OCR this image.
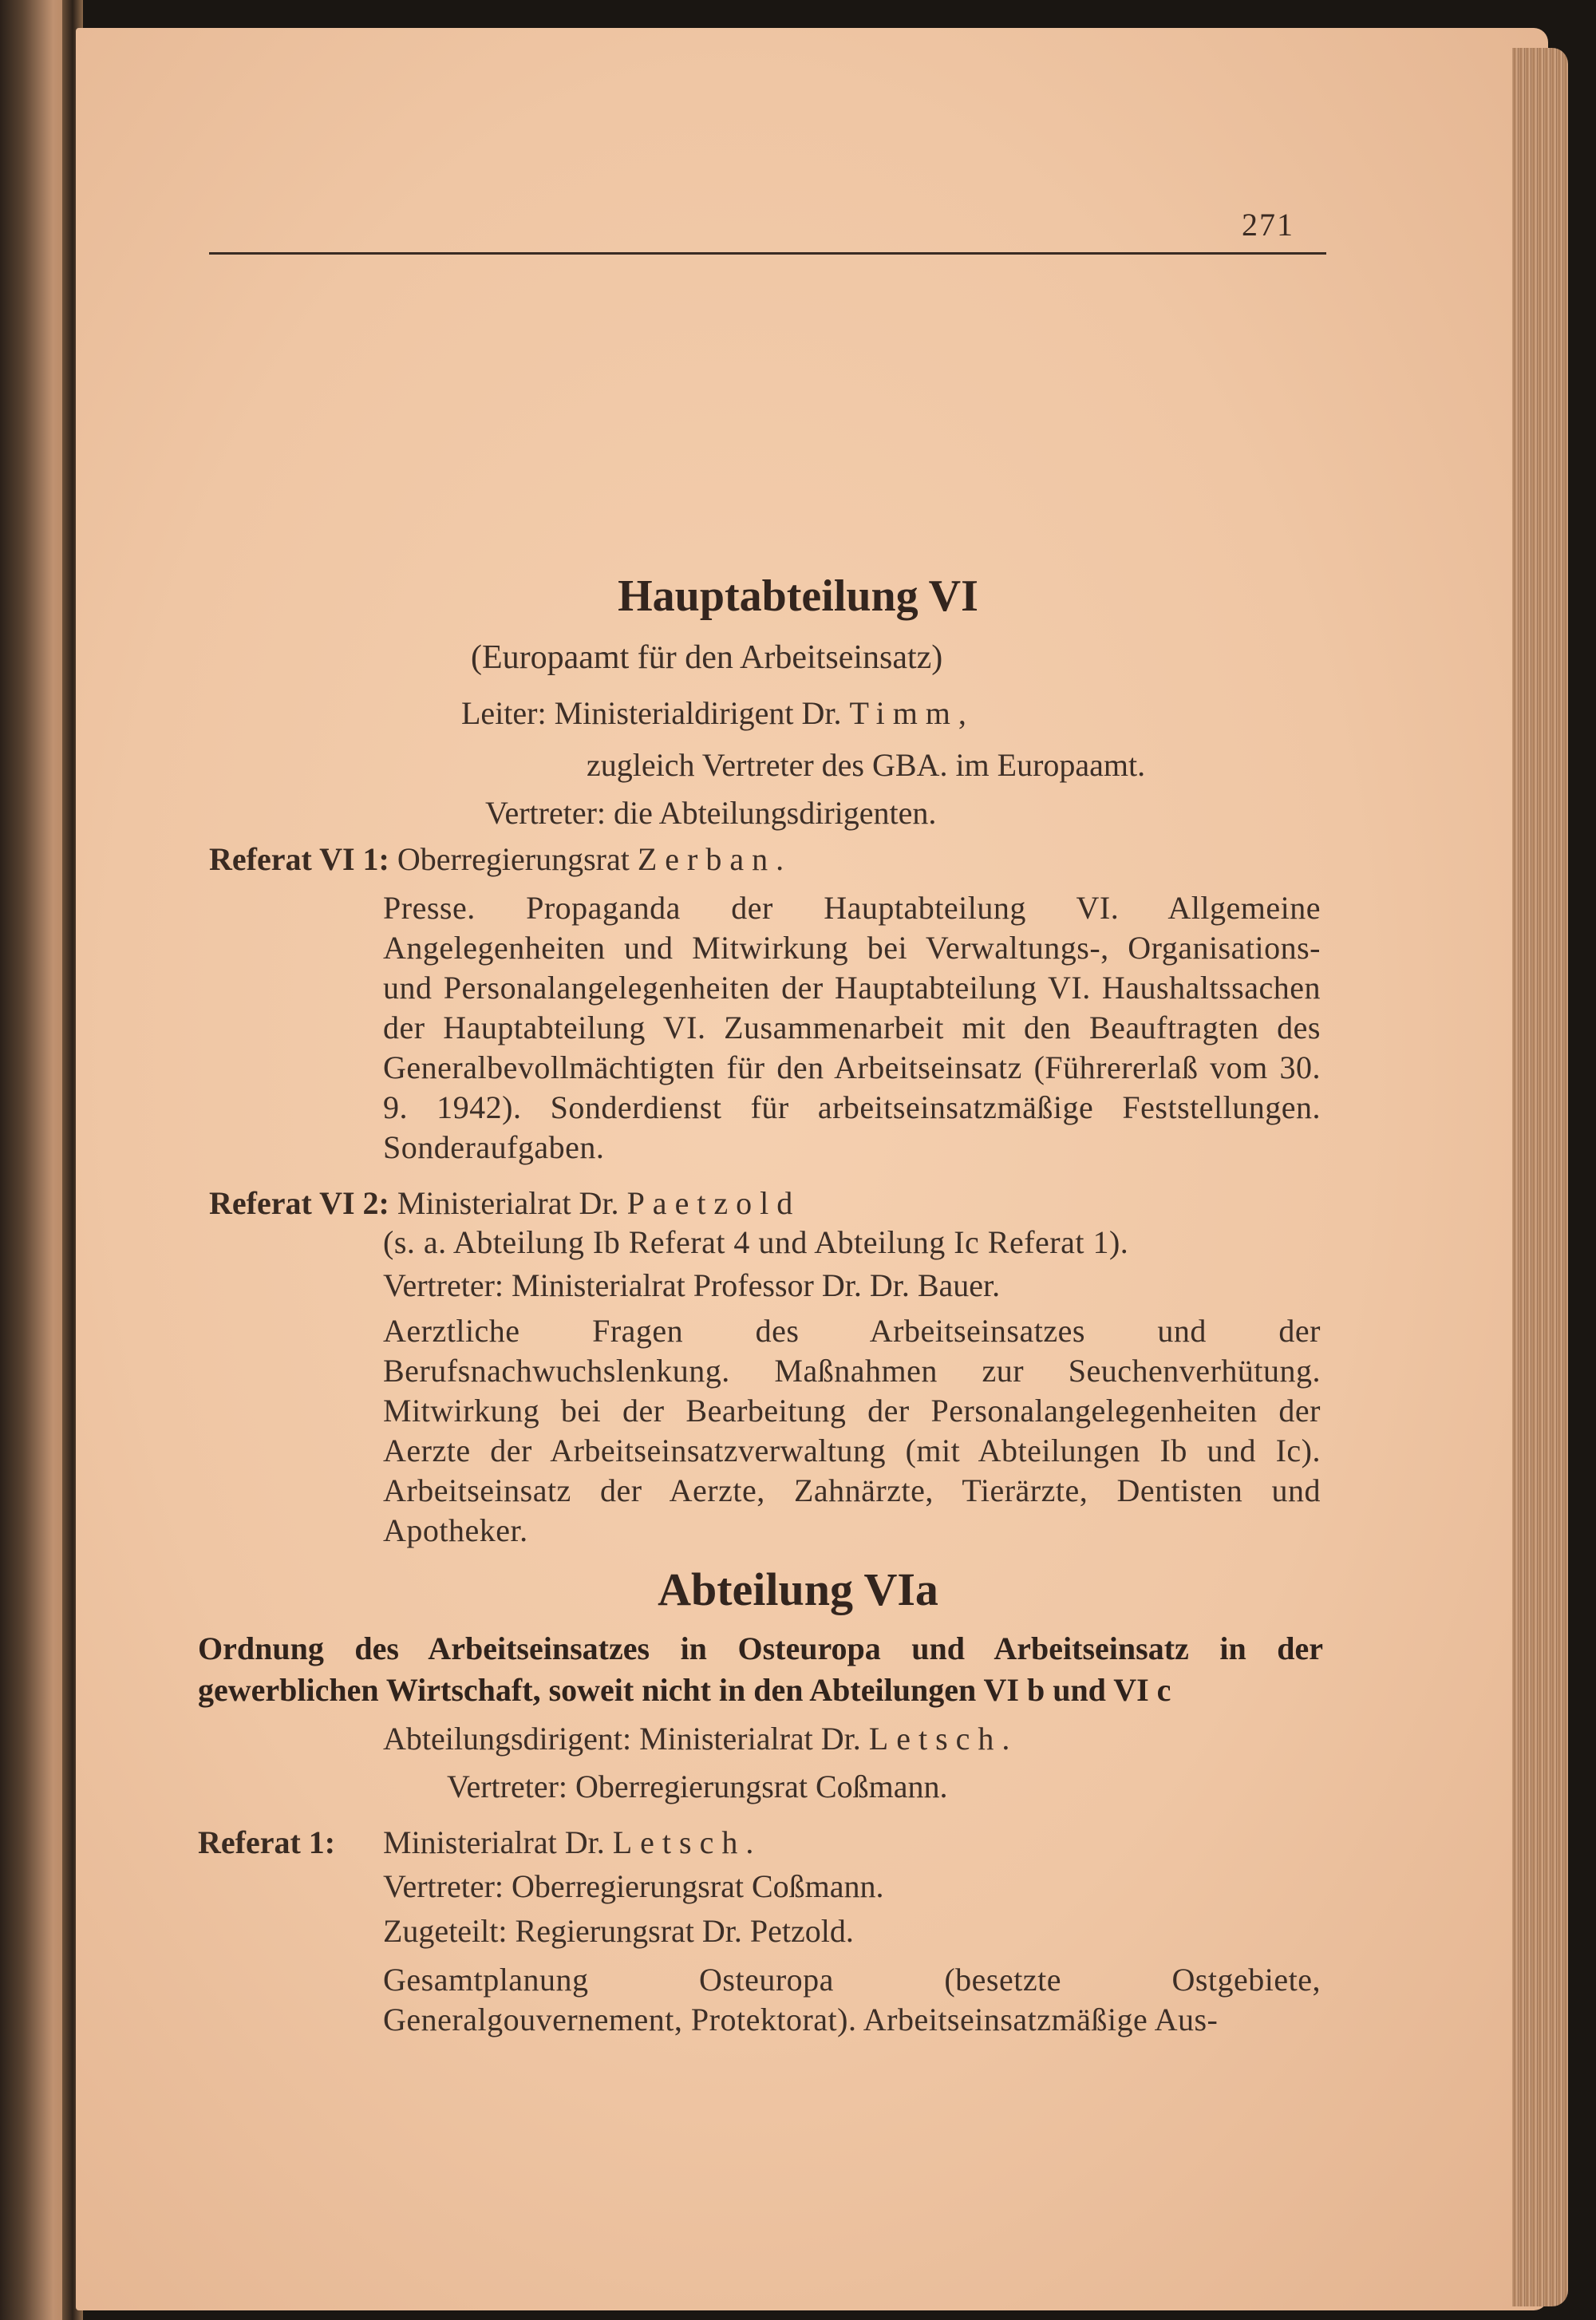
271
Hauptabteilung VI
(Europaamt für den Arbeitseinsatz)
Leiter: Ministerialdirigent Dr. Timm,
zugleich Vertreter des GBA. im Europaamt.
Vertreter: die Abteilungsdirigenten.
Referat VI 1: Oberregierungsrat Zerban.
Presse. Propaganda der Hauptabteilung VI. Allgemeine Angelegenheiten und Mitwirkung bei Verwaltungs-, Organisations- und Personalangelegenheiten der Hauptabteilung VI. Haushaltssachen der Hauptabteilung VI. Zusammenarbeit mit den Beauftragten des Generalbevollmächtigten für den Arbeitseinsatz (Führererlaß vom 30. 9. 1942). Sonderdienst für arbeitseinsatzmäßige Feststellungen. Sonderaufgaben.
Referat VI 2: Ministerialrat Dr. Paetzold
(s. a. Abteilung Ib Referat 4 und Abteilung Ic Referat 1).
Vertreter: Ministerialrat Professor Dr. Dr. Bauer.
Aerztliche Fragen des Arbeitseinsatzes und der Berufsnachwuchslenkung. Maßnahmen zur Seuchenverhütung. Mitwirkung bei der Bearbeitung der Personalangelegenheiten der Aerzte der Arbeitseinsatzverwaltung (mit Abteilungen Ib und Ic). Arbeitseinsatz der Aerzte, Zahnärzte, Tierärzte, Dentisten und Apotheker.
Abteilung VIa
Ordnung des Arbeitseinsatzes in Osteuropa und Arbeitseinsatz in der gewerblichen Wirtschaft, soweit nicht in den Abteilungen VI b und VI c
Abteilungsdirigent: Ministerialrat Dr. Letsch.
Vertreter: Oberregierungsrat Coßmann.
Referat 1: Ministerialrat Dr. Letsch.
Vertreter: Oberregierungsrat Coßmann.
Zugeteilt: Regierungsrat Dr. Petzold.
Gesamtplanung Osteuropa (besetzte Ostgebiete, Generalgouvernement, Protektorat). Arbeitseinsatzmäßige Aus-
